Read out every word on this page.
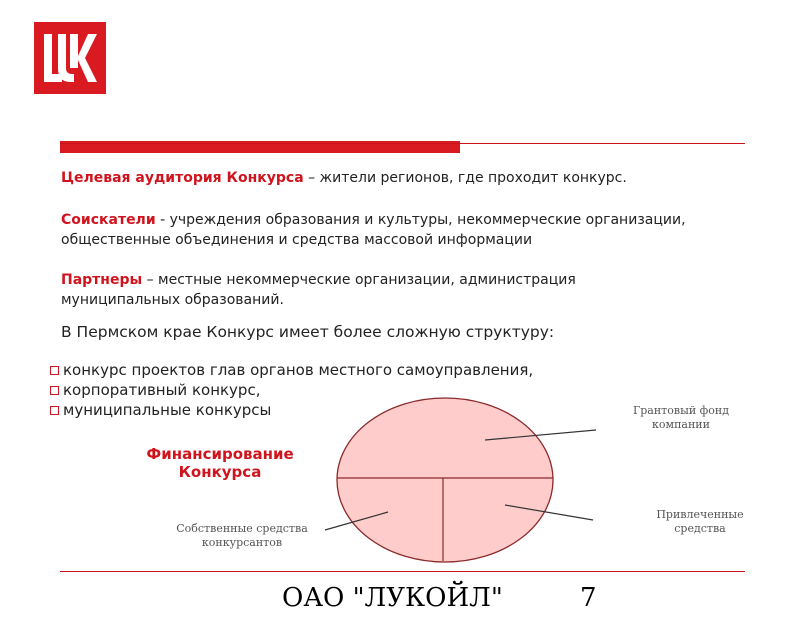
Целевая аудитория Конкурса – жители регионов, где проходит конкурс.
Соискатели - учреждения образования и культуры, некоммерческие организации,
общественные объединения и средства массовой информации
Партнеры – местные некоммерческие организации, администрация
муниципальных образований.
В Пермском крае Конкурс имеет более сложную структуру:
конкурс проектов глав органов местного самоуправления,
корпоративный конкурс,
муниципальные конкурсы
Финансирование
Конкурса
Грантовый фонд
компании
Собственные средства
конкурсантов
Привлеченные
средства
ОАО "ЛУКОЙЛ"	7
